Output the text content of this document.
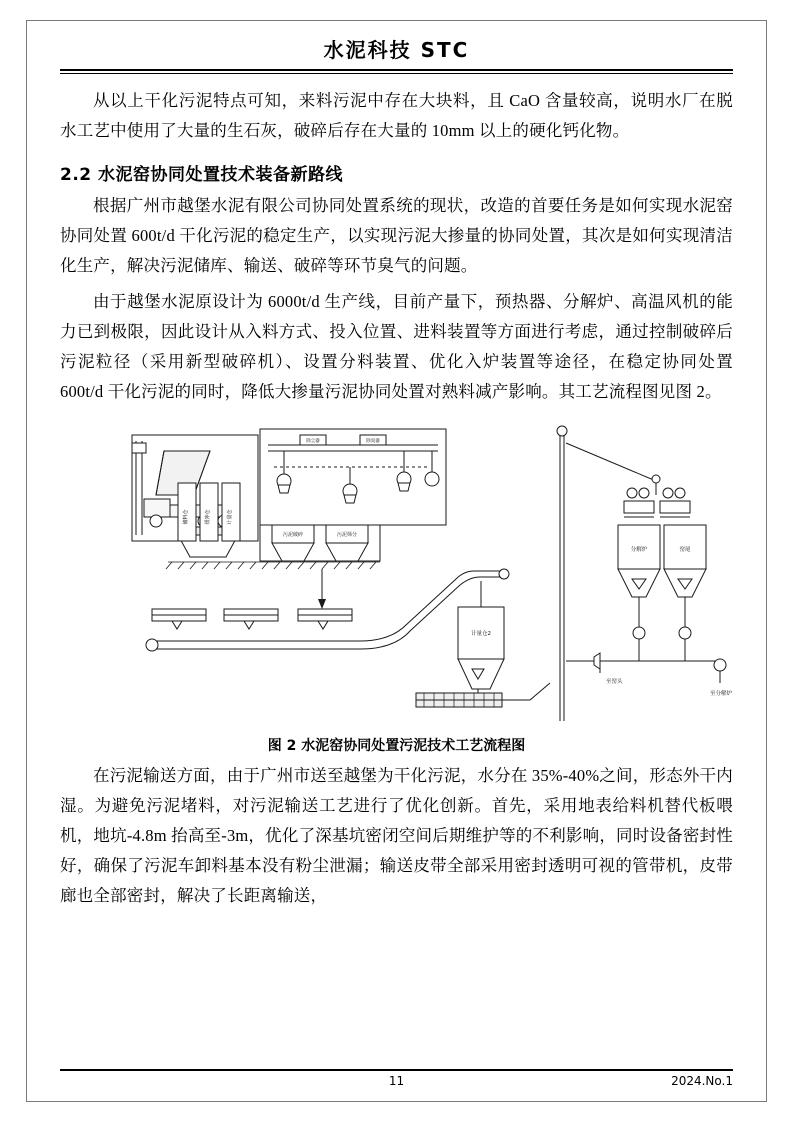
水泥科技 STC

从以上干化污泥特点可知，来料污泥中存在大块料，且 CaO 含量较高，说明水厂在脱水工艺中使用了大量的生石灰，破碎后存在大量的 10mm 以上的硬化钙化物。

2.2 水泥窑协同处置技术装备新路线

根据广州市越堡水泥有限公司协同处置系统的现状，改造的首要任务是如何实现水泥窑协同处置 600t/d 干化污泥的稳定生产，以实现污泥大掺量的协同处置，其次是如何实现清洁化生产，解决污泥储库、输送、破碎等环节臭气的问题。

由于越堡水泥原设计为 6000t/d 生产线，目前产量下，预热器、分解炉、高温风机的能力已到极限，因此设计从入料方式、投入位置、进料装置等方面进行考虑，通过控制破碎后污泥粒径（采用新型破碎机）、设置分料装置、优化入炉装置等途径，在稳定协同处置 600t/d 干化污泥的同时，降低大掺量污泥协同处置对熟料减产影响。其工艺流程图见图 2。

储料仓	缓冲仓	计量仓
除尘器	除臭器
污泥破碎	污泥筛分
计量仓2
分解炉	窑尾
至窑头
至分解炉
图 2 水泥窑协同处置污泥技术工艺流程图

在污泥输送方面，由于广州市送至越堡为干化污泥，水分在 35%-40%之间，形态外干内湿。为避免污泥堵料，对污泥输送工艺进行了优化创新。首先，采用地表给料机替代板喂机，地坑-4.8m 抬高至-3m，优化了深基坑密闭空间后期维护等的不利影响，同时设备密封性好，确保了污泥车卸料基本没有粉尘泄漏；输送皮带全部采用密封透明可视的管带机，皮带廊也全部密封，解决了长距离输送，

11	2024.No.1
